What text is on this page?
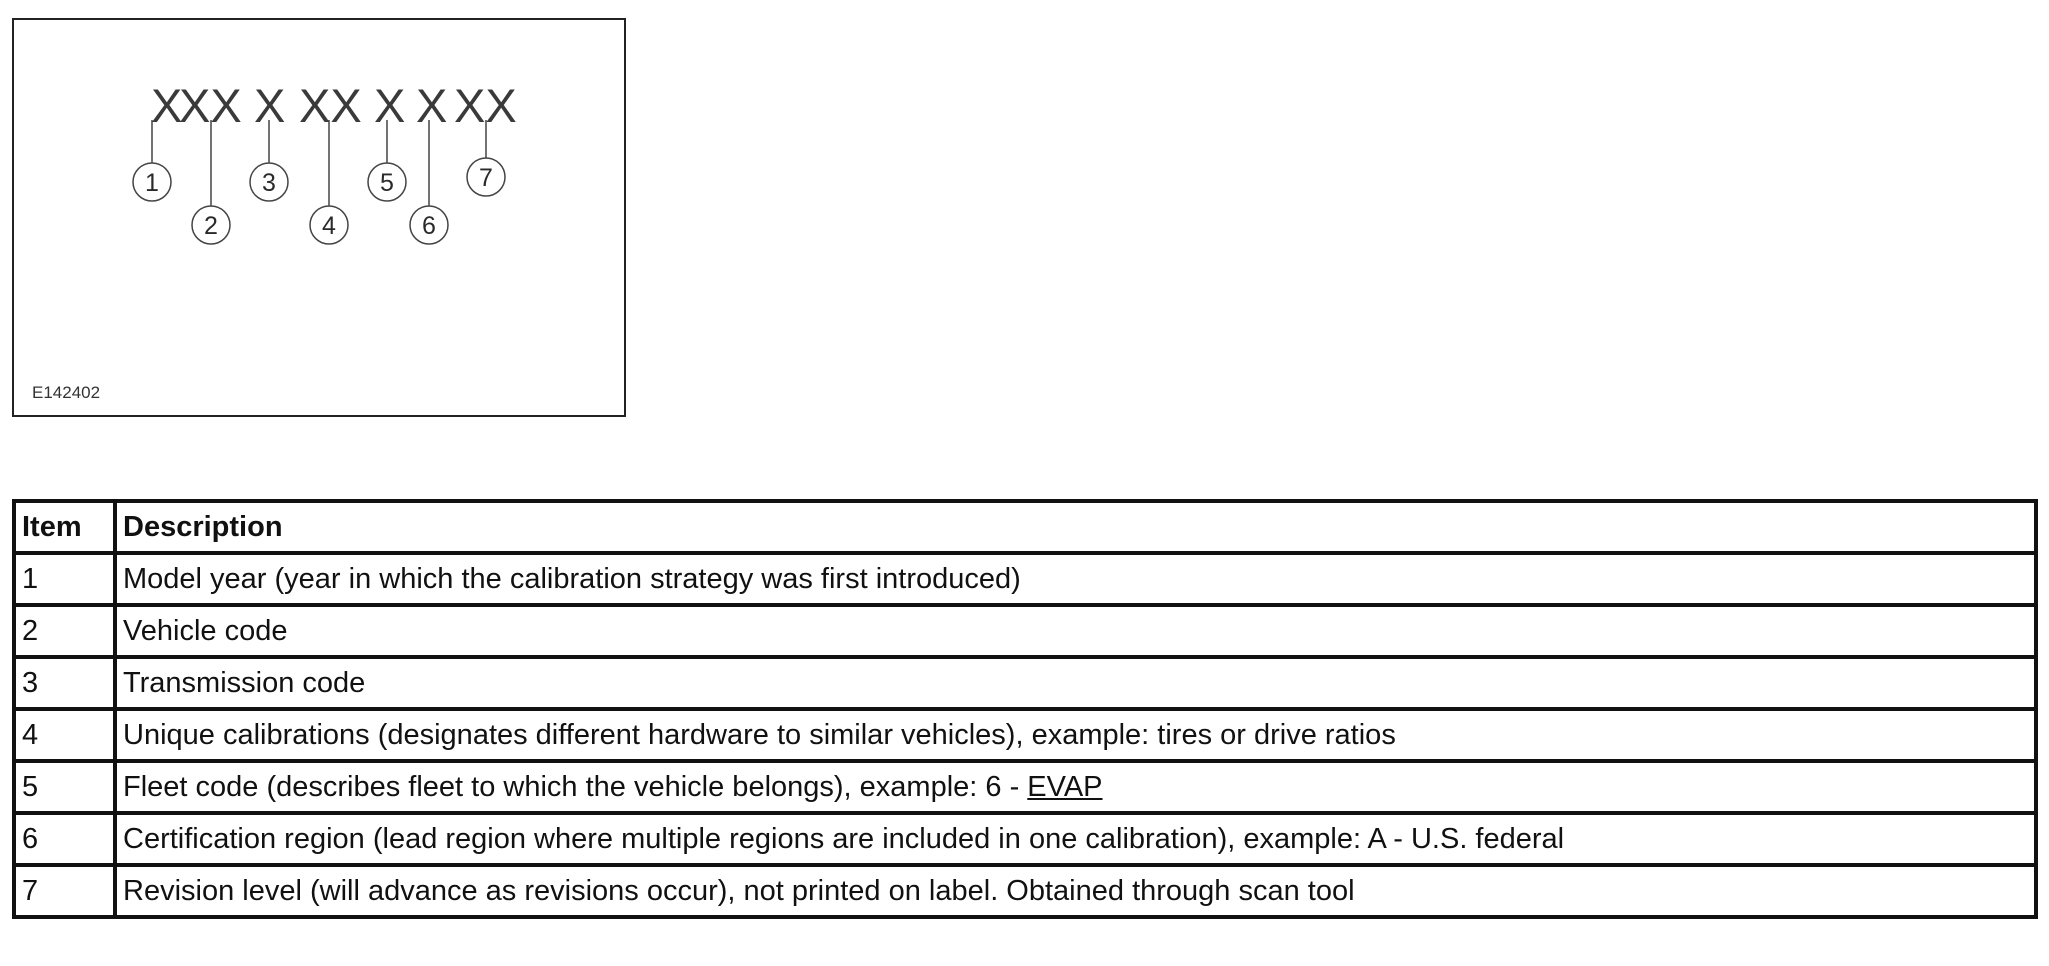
X
XX X XX X X XX
1
2
3
4
5
6
7
E142402
Item	Description
1	Model year (year in which the calibration strategy was first introduced)
2	Vehicle code
3	Transmission code
4	Unique calibrations (designates different hardware to similar vehicles), example: tires or drive ratios
5	Fleet code (describes fleet to which the vehicle belongs), example: 6 - EVAP
6	Certification region (lead region where multiple regions are included in one calibration), example: A - U.S. federal
7	Revision level (will advance as revisions occur), not printed on label. Obtained through scan tool
